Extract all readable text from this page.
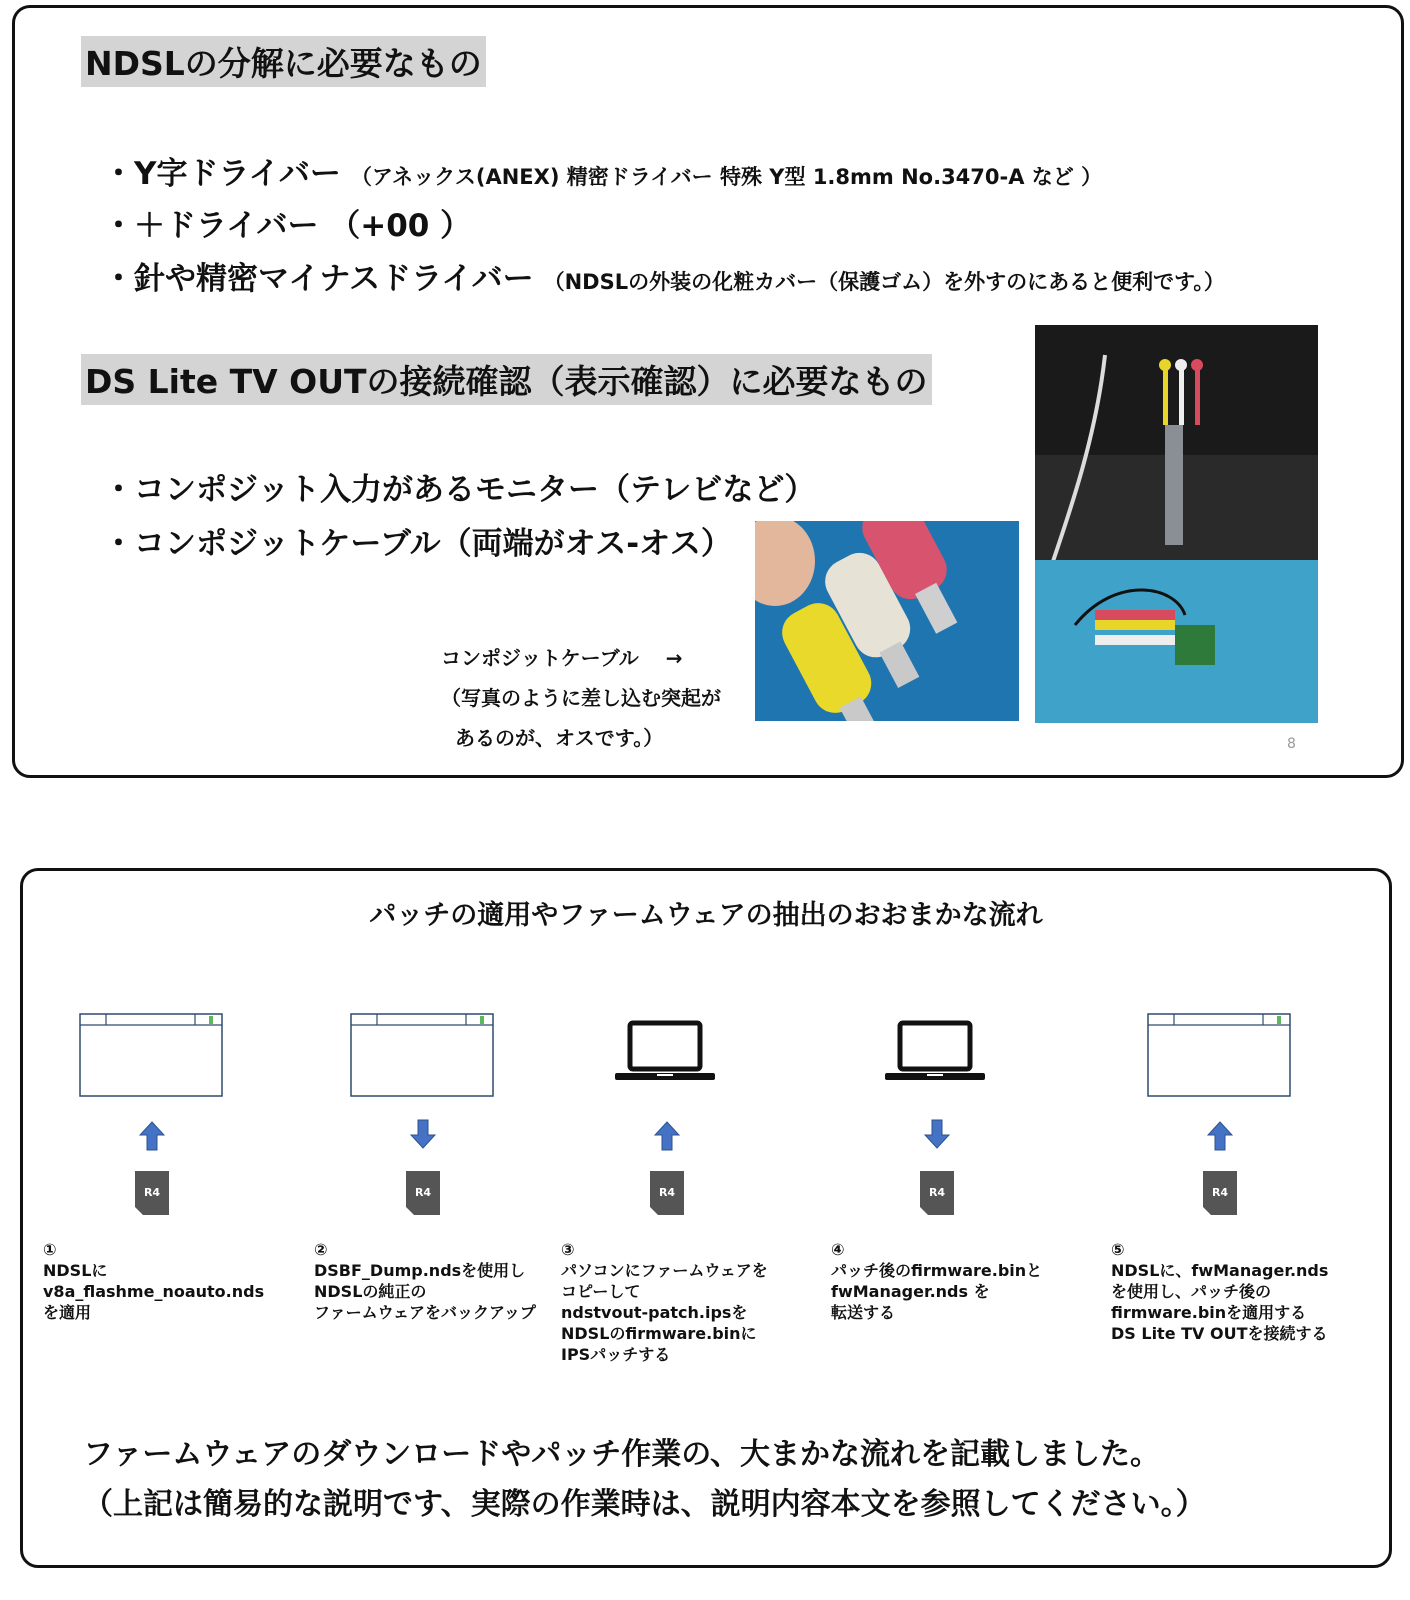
NDSLの分解に必要なもの
・Y字ドライバー （アネックス(ANEX) 精密ドライバー 特殊 Y型 1.8mm No.3470-A など ）
・＋ドライバー （+00 ）
・針や精密マイナスドライバー （NDSLの外装の化粧カバー（保護ゴム）を外すのにあると便利です。）
DS Lite TV OUTの接続確認（表示確認）に必要なもの
・コンポジット入力があるモニター（テレビなど）
・コンポジットケーブル（両端がオス-オス）
コンポジットケーブル　 →
（写真のように差し込む突起が
あるのが、オスです。）	8
パッチの適用やファームウェアの抽出のおおまかな流れ
R4
①
NDSLに
v8a_flashme_noauto.nds
を適用
R4
②
DSBF_Dump.ndsを使用し
NDSLの純正の
ファームウェアをバックアップ
R4
③
パソコンにファームウェアを
コピーして
ndstvout-patch.ipsを
NDSLのfirmware.binに
IPSパッチする
R4
④
パッチ後のfirmware.binと
fwManager.nds を
転送する
R4
⑤
NDSLに、fwManager.nds
を使用し、パッチ後の
firmware.binを適用する
DS Lite TV OUTを接続する
ファームウェアのダウンロードやパッチ作業の、大まかな流れを記載しました。
（上記は簡易的な説明です、実際の作業時は、説明内容本文を参照してください。）
